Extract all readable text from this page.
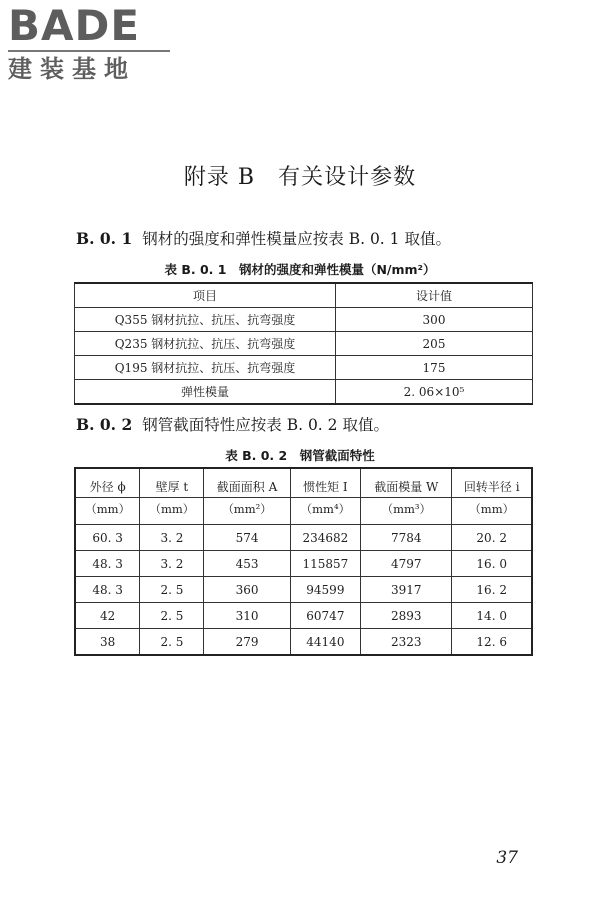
BADE
建装基地
附录 B　有关设计参数
B. 0. 1 钢材的强度和弹性模量应按表 B. 0. 1 取值。
表 B. 0. 1　钢材的强度和弹性模量（N/mm²）
项目	设计值
Q355 钢材抗拉、抗压、抗弯强度	300
Q235 钢材抗拉、抗压、抗弯强度	205
Q195 钢材抗拉、抗压、抗弯强度	175
弹性模量	2. 06×10⁵
B. 0. 2 钢管截面特性应按表 B. 0. 2 取值。
表 B. 0. 2　钢管截面特性
外径 ϕ	壁厚 t	截面面积 A	惯性矩 I	截面模量 W	回转半径 i
（mm）	（mm）	（mm²）	（mm⁴）	（mm³）	（mm）
60. 3	3. 2	574	234682	7784	20. 2
48. 3	3. 2	453	115857	4797	16. 0
48. 3	2. 5	360	94599	3917	16. 2
42	2. 5	310	60747	2893	14. 0
38	2. 5	279	44140	2323	12. 6
37
